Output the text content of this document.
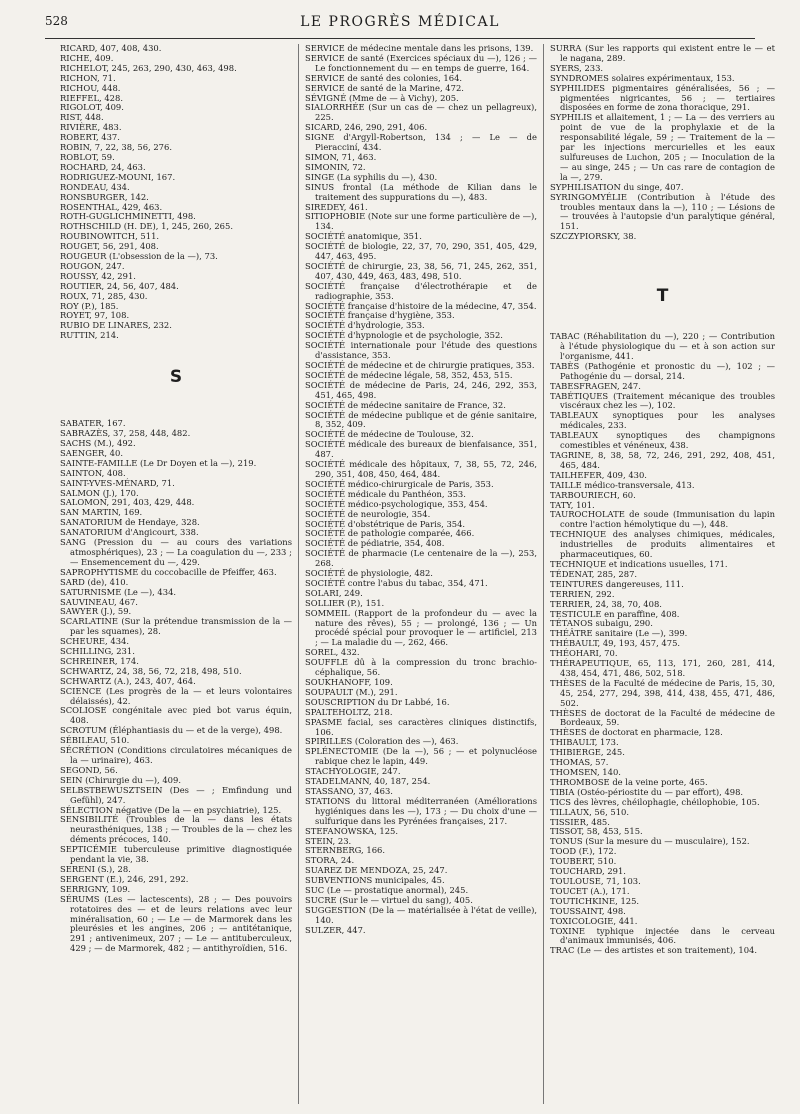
528	LE PROGRÈS MÉDICAL

RICARD, 407, 408, 430.

RICHE, 409.

RICHELOT, 245, 263, 290, 430, 463, 498.

RICHON, 71.

RICHOU, 448.

RIEFFEL, 428.

RIGOLOT, 409.

RIST, 448.

RIVIÈRE, 483.

ROBERT, 437.

ROBIN, 7, 22, 38, 56, 276.

ROBLOT, 59.

ROCHARD, 24, 463.

RODRIGUEZ-MOUNI, 167.

RONDEAU, 434.

RONSBURGER, 142.

ROSENTHAL, 429, 463.

ROTH-GUGLICHMINETTI, 498.

ROTHSCHILD (H. DE), 1, 245, 260, 265.

ROUBINOWITCH, 511.

ROUGET, 56, 291, 408.

ROUGEUR (L'obsession de la —), 73.

ROUGON, 247.

ROUSSY, 42, 291.

ROUTIER, 24, 56, 407, 484.

ROUX, 71, 285, 430.

ROY (P.), 185.

ROYET, 97, 108.

RUBIO DE LINARES, 232.

RUTTIN, 214.

S

SABATER, 167.

SABRAZÈS, 37, 258, 448, 482.

SACHS (M.), 492.

SAENGER, 40.

SAINTE-FAMILLE (Le Dr Doyen et la —), 219.

SAINTON, 408.

SAINT-YVES-MÉNARD, 71.

SALMON (J.), 170.

SALOMON, 291, 403, 429, 448.

SAN MARTIN, 169.

SANATORIUM de Hendaye, 328.

SANATORIUM d'Angicourt, 338.

SANG (Pression du — au cours des variations atmosphériques), 23 ; — La coagulation du —, 233 ; — Ensemencement du —, 429.

SAPROPHYTISME du coccobacille de Pfeiffer, 463.

SARD (de), 410.

SATURNISME (Le —), 434.

SAUVINEAU, 467.

SAWYER (J.), 59.

SCARLATINE (Sur la prétendue transmission de la — par les squames), 28.

SCHEURE, 434.

SCHILLING, 231.

SCHREINER, 174.

SCHWARTZ, 24, 38, 56, 72, 218, 498, 510.

SCHWARTZ (A.), 243, 407, 464.

SCIENCE (Les progrès de la — et leurs volontaires délaissés), 42.

SCOLIOSE congénitale avec pied bot varus équin, 408.

SCROTUM (Éléphantiasis du — et de la verge), 498.

SÉBILEAU, 510.

SÉCRÉTION (Conditions circulatoires mécaniques de la — urinaire), 463.

SEGOND, 56.

SEIN (Chirurgie du —), 409.

SELBSTBEWUSZTSEIN (Des — ; Emfindung und Gefühl), 247.

SÉLECTION négative (De la — en psychiatrie), 125.

SENSIBILITÉ (Troubles de la — dans les états neurasthéniques, 138 ; — Troubles de la — chez les déments précoces, 140.

SEPTICÉMIE tuberculeuse primitive diagnostiquée pendant la vie, 38.

SERENI (S.), 28.

SERGENT (E.), 246, 291, 292.

SERRIGNY, 109.

SÉRUMS (Les — lactescents), 28 ; — Des pouvoirs rotatoires des — et de leurs relations avec leur minéralisation, 60 ; — Le — de Marmorek dans les pleurésies et les angines, 206 ; — antitétanique, 291 ; antivenimeux, 207 ; — Le — antituberculeux, 429 ; — de Marmorek, 482 ; — antithyroïdien, 516.

SERVICE de médecine mentale dans les prisons, 139.

SERVICE de santé (Exercices spéciaux du —), 126 ; — Le fonctionnement du — en temps de guerre, 164.

SERVICE de santé des colonies, 164.

SERVICE de santé de la Marine, 472.

SÉVIGNÉ (Mme de — à Vichy), 205.

SIALORRHÉE (Sur un cas de — chez un pellagreux), 225.

SICARD, 246, 290, 291, 406.

SIGNE d'Argyll-Robertson, 134 ; — Le — de Pieracciní, 434.

SIMON, 71, 463.

SIMONIN, 72.

SINGE (La syphilis du —), 430.

SINUS frontal (La méthode de Kilian dans le traitement des suppurations du —), 483.

SIREDEY, 461.

SITIOPHOBIE (Note sur une forme particulière de —), 134.

SOCIÉTÉ anatomique, 351.

SOCIÉTÉ de biologie, 22, 37, 70, 290, 351, 405, 429, 447, 463, 495.

SOCIÉTÉ de chirurgie, 23, 38, 56, 71, 245, 262, 351, 407, 430, 449, 463, 483, 498, 510.

SOCIÉTÉ française d'électrothérapie et de radiographie, 353.

SOCIÉTÉ française d'histoire de la médecine, 47, 354.

SOCIÉTÉ française d'hygiène, 353.

SOCIÉTÉ d'hydrologie, 353.

SOCIÉTÉ d'hypnologie et de psychologie, 352.

SOCIÉTÉ internationale pour l'étude des questions d'assistance, 353.

SOCIÉTÉ de médecine et de chirurgie pratiques, 353.

SOCIÉTÉ de médecine légale, 58, 352, 453, 515.

SOCIÉTÉ de médecine de Paris, 24, 246, 292, 353, 451, 465, 498.

SOCIÉTÉ de médecine sanitaire de France, 32.

SOCIÉTÉ de médecine publique et de génie sanitaire, 8, 352, 409.

SOCIÉTÉ de médecine de Toulouse, 32.

SOCIÉTÉ médicale des bureaux de bienfaisance, 351, 487.

SOCIÉTÉ médicale des hôpitaux, 7, 38, 55, 72, 246, 290, 351, 408, 450, 464, 484.

SOCIÉTÉ médico-chirurgicale de Paris, 353.

SOCIÉTÉ médicale du Panthéon, 353.

SOCIÉTÉ médico-psychologique, 353, 454.

SOCIÉTÉ de neurologie, 354.

SOCIÉTÉ d'obstétrique de Paris, 354.

SOCIÉTÉ de pathologie comparée, 466.

SOCIÉTÉ de pédiatrie, 354, 408.

SOCIÉTÉ de pharmacie (Le centenaire de la —), 253, 268.

SOCIÉTÉ de physiologie, 482.

SOCIÉTÉ contre l'abus du tabac, 354, 471.

SOLARI, 249.

SOLLIER (P.), 151.

SOMMEIL (Rapport de la profondeur du — avec la nature des rêves), 55 ; — prolongé, 136 ; — Un procédé spécial pour provoquer le — artificiel, 213 ; — La maladie du —, 262, 466.

SOREL, 432.

SOUFFLE dû à la compression du tronc brachio-céphalique, 56.

SOUKHANOFF, 109.

SOUPAULT (M.), 291.

SOUSCRIPTION du Dr Labbé, 16.

SPALTEHOLTZ, 218.

SPASME facial, ses caractères cliniques distinctifs, 106.

SPIRILLES (Coloration des —), 463.

SPLÉNECTOMIE (De la —), 56 ; — et polynucléose rabique chez le lapin, 449.

STACHYOLOGIE, 247.

STADELMANN, 40, 187, 254.

STASSANO, 37, 463.

STATIONS du littoral méditerranéen (Améliorations hygiéniques dans les —), 173 ; — Du choix d'une — sulfurique dans les Pyrénées françaises, 217.

STEFANOWSKA, 125.

STEIN, 23.

STERNBERG, 166.

STORA, 24.

SUAREZ DE MENDOZA, 25, 247.

SUBVENTIONS municipales, 45.

SUC (Le — prostatique anormal), 245.

SUCRE (Sur le — virtuel du sang), 405.

SUGGESTION (De la — matérialisée à l'état de veille), 140.

SULZER, 447.

SURRA (Sur les rapports qui existent entre le — et le nagana, 289.

SYERS, 233.

SYNDROMES solaires expérimentaux, 153.

SYPHILIDES pigmentaires généralisées, 56 ; — pigmentées nigricantes, 56 ; — tertiaires disposées en forme de zona thoracique, 291.

SYPHILIS et allaitement, 1 ; — La — des verriers au point de vue de la prophylaxie et de la responsabilité légale, 59 ; — Traitement de la — par les injections mercurielles et les eaux sulfureuses de Luchon, 205 ; — Inoculation de la — au singe, 245 ; — Un cas rare de contagion de la —, 279.

SYPHILISATION du singe, 407.

SYRINGOMYÉLIE (Contribution à l'étude des troubles mentaux dans la —), 110 ; — Lésions de — trouvées à l'autopsie d'un paralytique général, 151.

SZCZYPIORSKY, 38.

T

TABAC (Réhabilitation du —), 220 ; — Contribution à l'étude physiologique du — et à son action sur l'organisme, 441.

TABÈS (Pathogénie et pronostic du —), 102 ; — Pathogénie du — dorsal, 214.

TABESFRAGEN, 247.

TABÉTIQUES (Traitement mécanique des troubles viscéraux chez les —), 102.

TABLEAUX synoptiques pour les analyses médicales, 233.

TABLEAUX synoptiques des champignons comestibles et vénéneux, 438.

TAGRINE, 8, 38, 58, 72, 246, 291, 292, 408, 451, 465, 484.

TAILHEFER, 409, 430.

TAILLE médico-transversale, 413.

TARBOURIECH, 60.

TATY, 101.

TAUROCHOLATE de soude (Immunisation du lapin contre l'action hémolytique du —), 448.

TECHNIQUE des analyses chimiques, médicales, industrielles de produits alimentaires et pharmaceutiques, 60.

TECHNIQUE et indications usuelles, 171.

TÉDENAT, 285, 287.

TEINTURES dangereuses, 111.

TERRIEN, 292.

TERRIER, 24, 38, 70, 408.

TESTICULE en paraffine, 408.

TÉTANOS subaigu, 290.

THÉÂTRE sanitaire (Le —), 399.

THÉBAULT, 49, 193, 457, 475.

THÉOHARI, 70.

THÉRAPEUTIQUE, 65, 113, 171, 260, 281, 414, 438, 454, 471, 486, 502, 518.

THÈSES de la Faculté de médecine de Paris, 15, 30, 45, 254, 277, 294, 398, 414, 438, 455, 471, 486, 502.

THÈSES de doctorat de la Faculté de médecine de Bordeaux, 59.

THÈSES de doctorat en pharmacie, 128.

THIBAULT, 173.

THIBIERGE, 245.

THOMAS, 57.

THOMSEN, 140.

THROMBOSE de la veine porte, 465.

TIBIA (Ostéo-périostite du — par effort), 498.

TICS des lèvres, chéilophagie, chéilophobie, 105.

TILLAUX, 56, 510.

TISSIER, 485.

TISSOT, 58, 453, 515.

TONUS (Sur la mesure du — musculaire), 152.

TOOD (F.), 172.

TOUBERT, 510.

TOUCHARD, 291.

TOULOUSE, 71, 103.

TOUCET (A.), 171.

TOUTICHKINE, 125.

TOUSSAINT, 498.

TOXICOLOGIE, 441.

TOXINE typhique injectée dans le cerveau d'animaux immunisés, 406.

TRAC (Le — des artistes et son traitement), 104.
